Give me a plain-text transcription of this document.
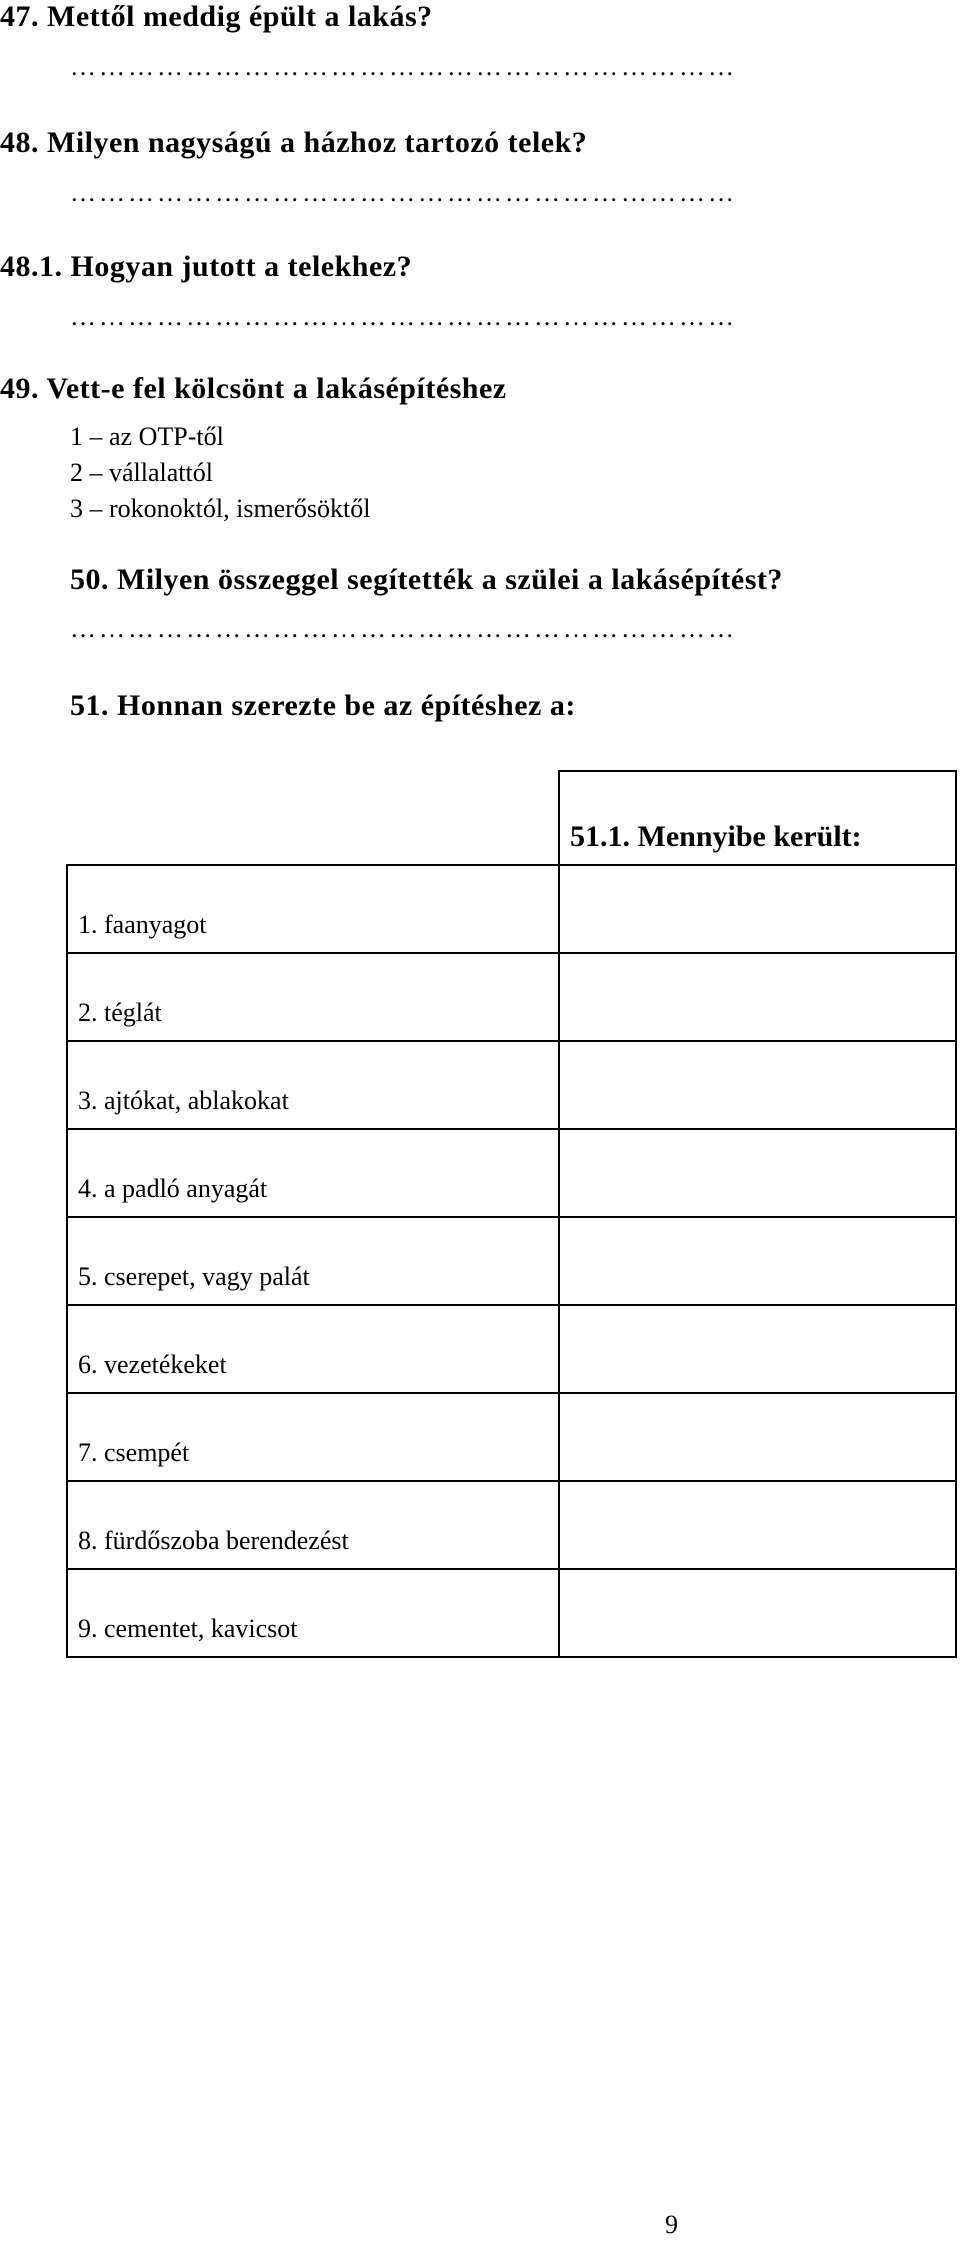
47. Mettől meddig épült a lakás?
……………………………………………………………
48. Milyen nagyságú a házhoz tartozó telek?
……………………………………………………………
48.1. Hogyan jutott a telekhez?
……………………………………………………………
49. Vett-e fel kölcsönt a lakásépítéshez
1 – az OTP-től
2 – vállalattól
3 – rokonoktól, ismerősöktől
50. Milyen összeggel segítették a szülei a lakásépítést?
……………………………………………………………
51. Honnan szerezte be az építéshez a:
	51.1. Mennyibe került:
1. faanyagot	
2. téglát	
3. ajtókat, ablakokat	
4. a padló anyagát	
5. cserepet, vagy palát	
6. vezetékeket	
7. csempét	
8. fürdőszoba berendezést	
9. cementet, kavicsot	
9
